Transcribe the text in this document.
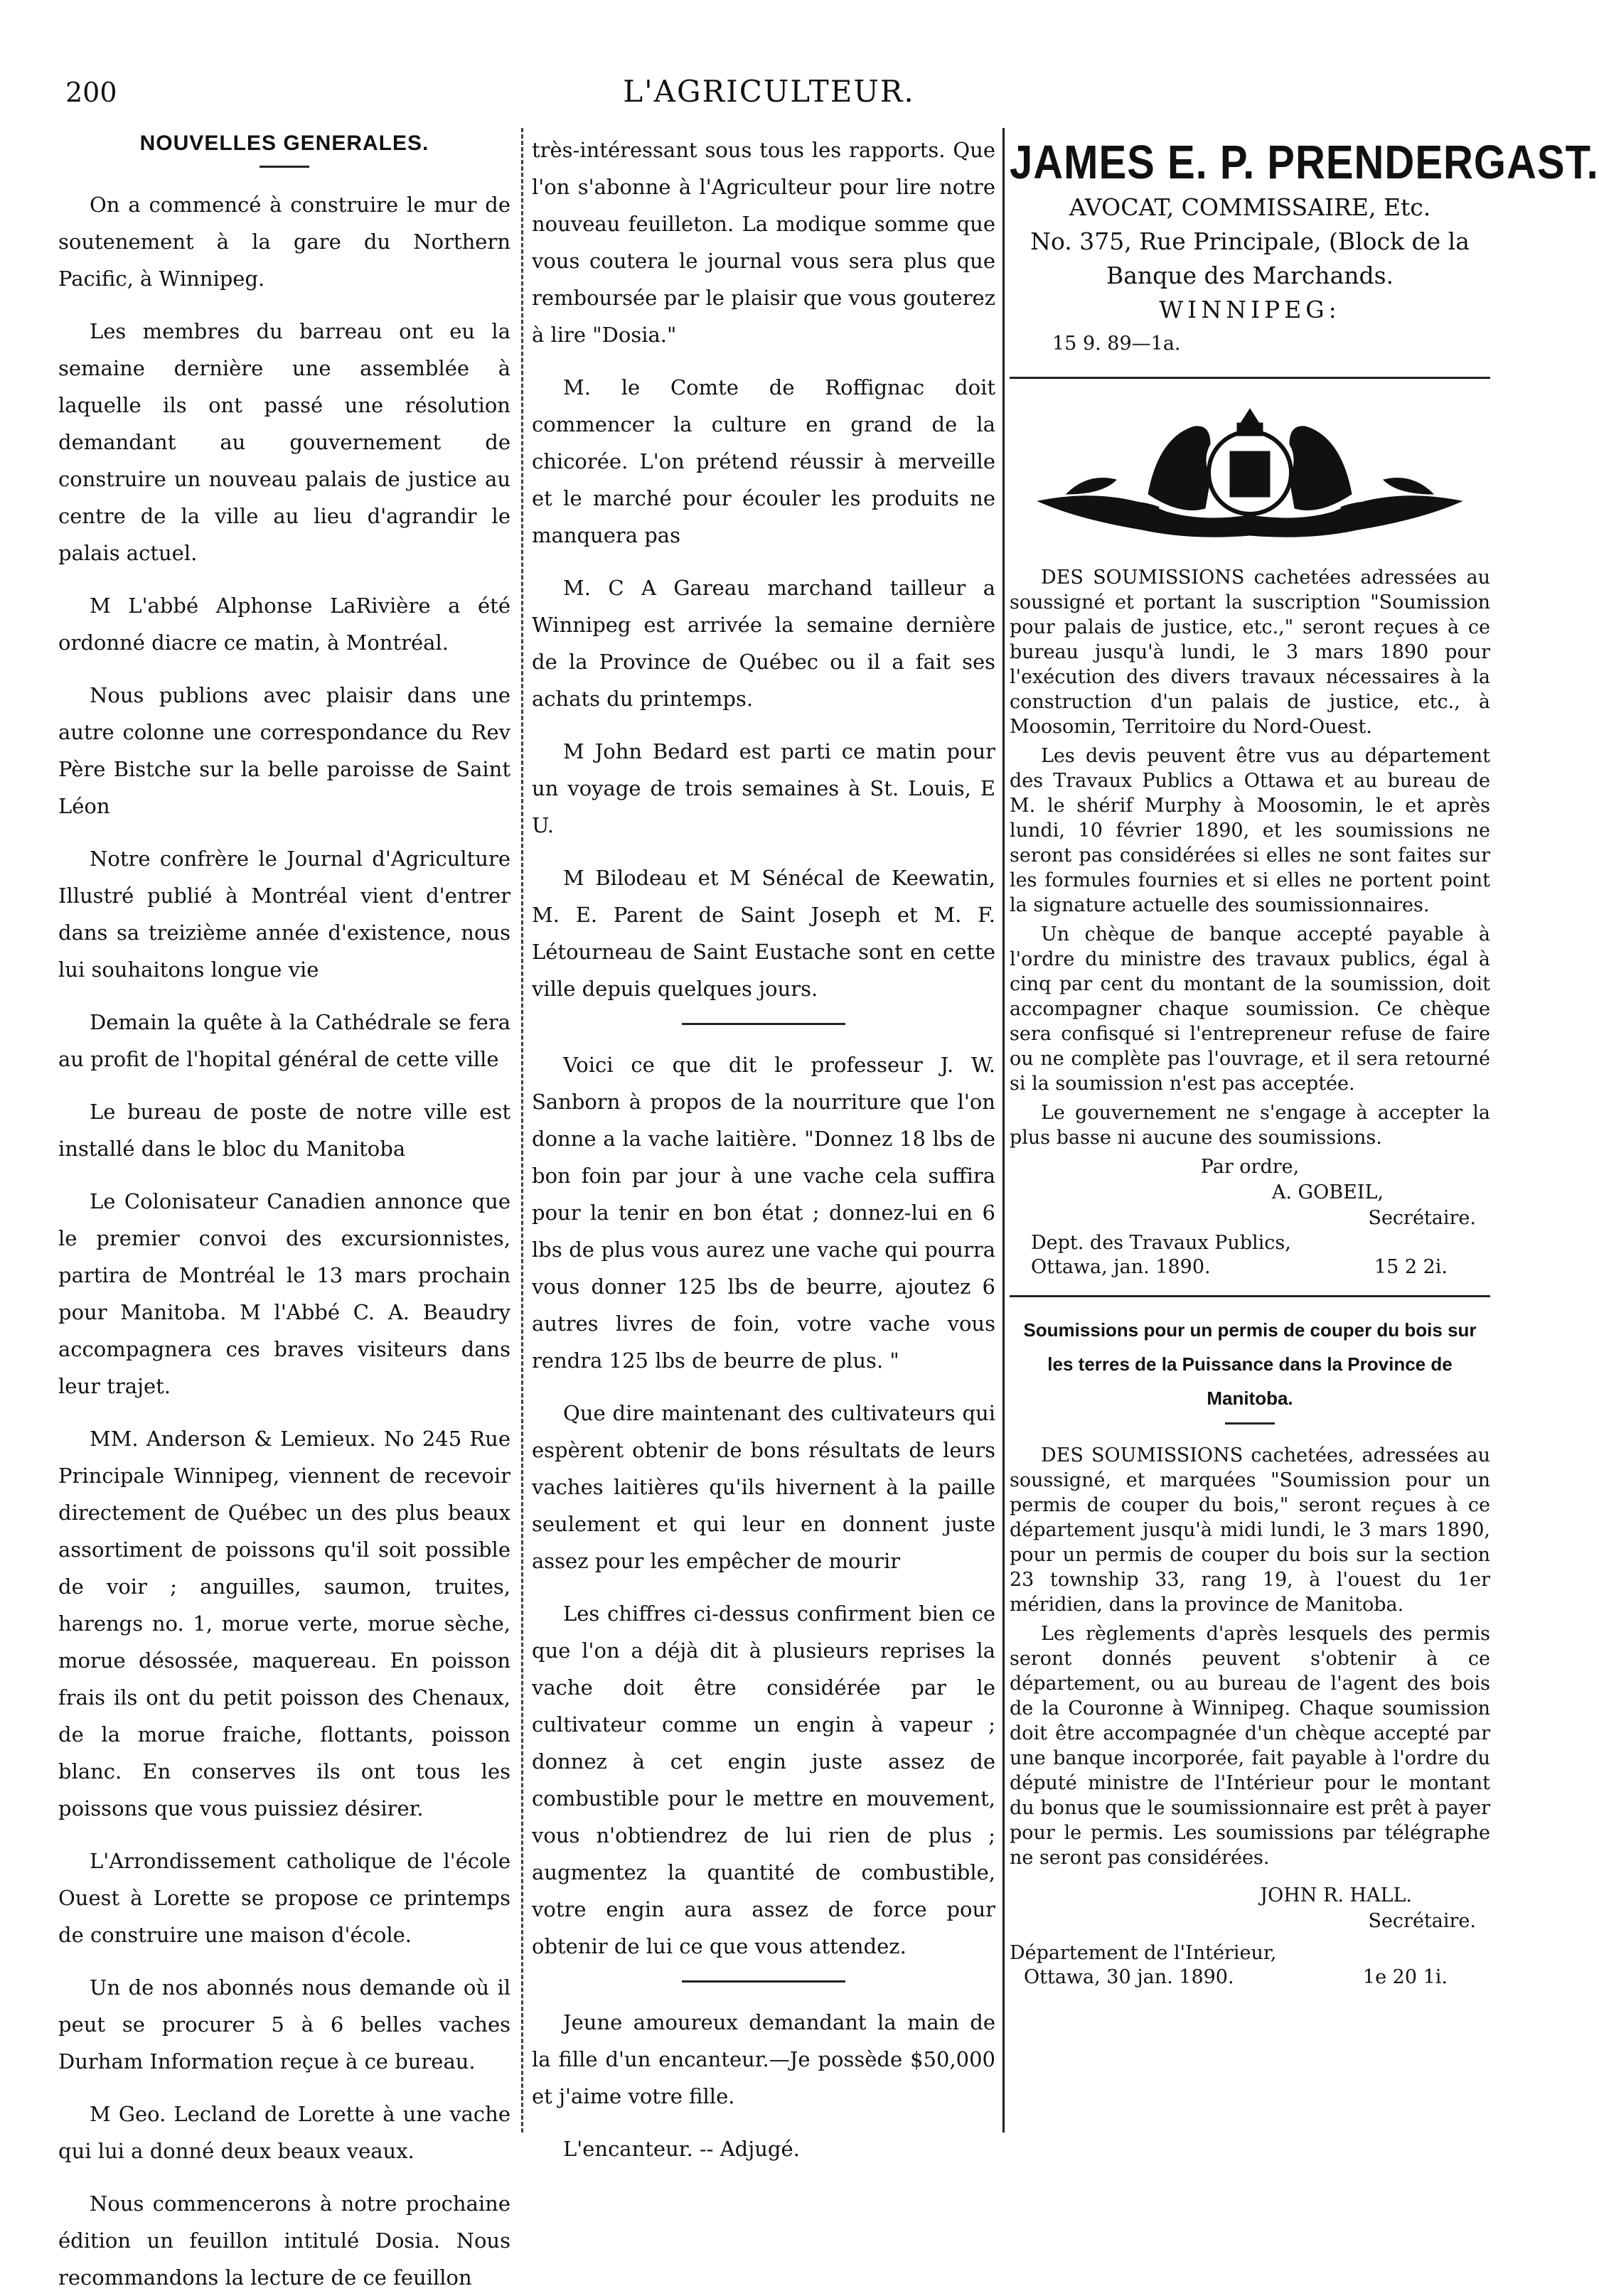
200	L'AGRICULTEUR.
NOUVELLES GENERALES.

On a commencé à construire le mur de soutenement à la gare du Northern Pacific, à Winnipeg.

Les membres du barreau ont eu la semaine dernière une assemblée à laquelle ils ont passé une résolution demandant au gouvernement de construire un nouveau palais de justice au centre de la ville au lieu d'agrandir le palais actuel.

M L'abbé Alphonse LaRivière a été ordonné diacre ce matin, à Montréal.

Nous publions avec plaisir dans une autre colonne une correspondance du Rev Père Bistche sur la belle paroisse de Saint Léon

Notre confrère le Journal d'Agriculture Illustré publié à Montréal vient d'entrer dans sa treizième année d'existence, nous lui souhaitons longue vie

Demain la quête à la Cathédrale se fera au profit de l'hopital général de cette ville

Le bureau de poste de notre ville est installé dans le bloc du Manitoba

Le Colonisateur Canadien annonce que le premier convoi des excursionnistes, partira de Montréal le 13 mars prochain pour Manitoba. M l'Abbé C. A. Beaudry accompagnera ces braves visiteurs dans leur trajet.

MM. Anderson & Lemieux. No 245 Rue Principale Winnipeg, viennent de recevoir directement de Québec un des plus beaux assortiment de poissons qu'il soit possible de voir ; anguilles, saumon, truites, harengs no. 1, morue verte, morue sèche, morue désossée, maquereau. En poisson frais ils ont du petit poisson des Chenaux, de la morue fraiche, flottants, poisson blanc. En conserves ils ont tous les poissons que vous puissiez désirer.

L'Arrondissement catholique de l'école Ouest à Lorette se propose ce printemps de construire une maison d'école.

Un de nos abonnés nous demande où il peut se procurer 5 à 6 belles vaches Durham Information reçue à ce bureau.

M Geo. Lecland de Lorette à une vache qui lui a donné deux beaux veaux.

Nous commencerons à notre prochaine édition un feuillon intitulé Dosia. Nous recommandons la lecture de ce feuillon

très-intéressant sous tous les rapports. Que l'on s'abonne à l'Agriculteur pour lire notre nouveau feuilleton. La modique somme que vous coutera le journal vous sera plus que remboursée par le plaisir que vous gouterez à lire "Dosia."

M. le Comte de Roffignac doit commencer la culture en grand de la chicorée. L'on prétend réussir à merveille et le marché pour écouler les produits ne manquera pas

M. C A Gareau marchand tailleur a Winnipeg est arrivée la semaine dernière de la Province de Québec ou il a fait ses achats du printemps.

M John Bedard est parti ce matin pour un voyage de trois semaines à St. Louis, E U.

M Bilodeau et M Sénécal de Keewatin, M. E. Parent de Saint Joseph et M. F. Létourneau de Saint Eustache sont en cette ville depuis quelques jours.

Voici ce que dit le professeur J. W. Sanborn à propos de la nourriture que l'on donne a la vache laitière. "Donnez 18 lbs de bon foin par jour à une vache cela suffira pour la tenir en bon état ; donnez-lui en 6 lbs de plus vous aurez une vache qui pourra vous donner 125 lbs de beurre, ajoutez 6 autres livres de foin, votre vache vous rendra 125 lbs de beurre de plus. "

Que dire maintenant des cultivateurs qui espèrent obtenir de bons résultats de leurs vaches laitières qu'ils hivernent à la paille seulement et qui leur en donnent juste assez pour les empêcher de mourir

Les chiffres ci-dessus confirment bien ce que l'on a déjà dit à plusieurs reprises la vache doit être considérée par le cultivateur comme un engin à vapeur ; donnez à cet engin juste assez de combustible pour le mettre en mouvement, vous n'obtiendrez de lui rien de plus ; augmentez la quantité de combustible, votre engin aura assez de force pour obtenir de lui ce que vous attendez.

Jeune amoureux demandant la main de la fille d'un encanteur.—Je possède $50,000 et j'aime votre fille.

L'encanteur. -- Adjugé.

JAMES E. P. PRENDERGAST.
AVOCAT, COMMISSAIRE, Etc.
No. 375, Rue Principale, (Block de la Banque des Marchands.
WINNIPEG:
15 9. 89—1a.

DES SOUMISSIONS cachetées adressées au soussigné et portant la suscription "Soumission pour palais de justice, etc.," seront reçues à ce bureau jusqu'à lundi, le 3 mars 1890 pour l'exécution des divers travaux nécessaires à la construction d'un palais de justice, etc., à Moosomin, Territoire du Nord-Ouest.

Les devis peuvent être vus au département des Travaux Publics a Ottawa et au bureau de M. le shérif Murphy à Moosomin, le et après lundi, 10 février 1890, et les soumissions ne seront pas considérées si elles ne sont faites sur les formules fournies et si elles ne portent point la signature actuelle des soumissionnaires.

Un chèque de banque accepté payable à l'ordre du ministre des travaux publics, égal à cinq par cent du montant de la soumission, doit accompagner chaque soumission. Ce chèque sera confisqué si l'entrepreneur refuse de faire ou ne complète pas l'ouvrage, et il sera retourné si la soumission n'est pas acceptée.

Le gouvernement ne s'engage à accepter la plus basse ni aucune des soumissions.

Par ordre,
A. GOBEIL,
Secrétaire.
Dept. des Travaux Publics,
Ottawa, jan. 1890.	15 2 2i.
Soumissions pour un permis de couper du bois sur les terres de la Puissance dans la Province de Manitoba.

DES SOUMISSIONS cachetées, adressées au soussigné, et marquées "Soumission pour un permis de couper du bois," seront reçues à ce département jusqu'à midi lundi, le 3 mars 1890, pour un permis de couper du bois sur la section 23 township 33, rang 19, à l'ouest du 1er méridien, dans la province de Manitoba.

Les règlements d'après lesquels des permis seront donnés peuvent s'obtenir à ce département, ou au bureau de l'agent des bois de la Couronne à Winnipeg. Chaque soumission doit être accompagnée d'un chèque accepté par une banque incorporée, fait payable à l'ordre du député ministre de l'Intérieur pour le montant du bonus que le soumissionnaire est prêt à payer pour le permis. Les soumissions par télégraphe ne seront pas considérées.

JOHN R. HALL.
Secrétaire.
Département de l'Intérieur,
Ottawa, 30 jan. 1890.	1e 20 1i.
